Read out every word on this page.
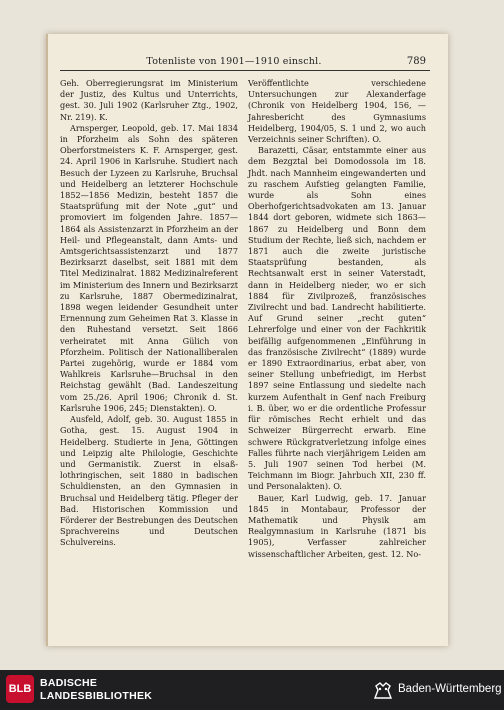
Totenliste von 1901—1910 einschl.	789

Geh. Oberregierungsrat im Ministerium der Justiz, des Kultus und Unterrichts, gest. 30. Juli 1902 (Karlsruher Ztg., 1902, Nr. 219). K.

Arnsperger, Leopold, geb. 17. Mai 1834 in Pforzheim als Sohn des späteren Oberforstmeisters K. F. Arnsperger, gest. 24. April 1906 in Karlsruhe. Studiert nach Besuch der Lyzeen zu Karlsruhe, Bruchsal und Heidelberg an letzterer Hochschule 1852—1856 Medizin, besteht 1857 die Staatsprüfung mit der Note „gut“ und promoviert im folgenden Jahre. 1857—1864 als Assistenzarzt in Pforzheim an der Heil- und Pflegeanstalt, dann Amts- und Amtsgerichtsassistenzarzt und 1877 Bezirksarzt daselbst, seit 1881 mit dem Titel Medizinalrat. 1882 Medizinalreferent im Ministerium des Innern und Bezirksarzt zu Karlsruhe, 1887 Obermedizinalrat, 1898 wegen leidender Gesundheit unter Ernennung zum Geheimen Rat 3. Klasse in den Ruhestand versetzt. Seit 1866 verheiratet mit Anna Gülich von Pforzheim. Politisch der Nationalliberalen Partei zugehörig, wurde er 1884 vom Wahlkreis Karlsruhe—Bruchsal in den Reichstag gewählt (Bad. Landeszeitung vom 25./26. April 1906; Chronik d. St. Karlsruhe 1906, 245; Dienstakten). O.

Ausfeld, Adolf, geb. 30. August 1855 in Gotha, gest. 15. August 1904 in Heidelberg. Studierte in Jena, Göttingen und Leipzig alte Philologie, Geschichte und Germanistik. Zuerst in elsaß-lothringischen, seit 1880 in badischen Schuldiensten, an den Gymnasien in Bruchsal und Heidelberg tätig. Pfleger der Bad. Historischen Kommission und Förderer der Bestrebungen des Deutschen Sprachvereins und Deutschen Schulvereins.

Veröffentlichte verschiedene Untersuchungen zur Alexanderfage (Chronik von Heidelberg 1904, 156, — Jahresbericht des Gymnasiums Heidelberg, 1904/05, S. 1 und 2, wo auch Verzeichnis seiner Schriften). O.

Barazetti, Cäsar, entstammte einer aus dem Bezgztal bei Domodossola im 18. Jhdt. nach Mannheim eingewanderten und zu raschem Aufstieg gelangten Familie, wurde als Sohn eines Oberhofgerichtsadvokaten am 13. Januar 1844 dort geboren, widmete sich 1863—1867 zu Heidelberg und Bonn dem Studium der Rechte, ließ sich, nachdem er 1871 auch die zweite juristische Staatsprüfung bestanden, als Rechtsanwalt erst in seiner Vaterstadt, dann in Heidelberg nieder, wo er sich 1884 für Zivilprozeß, französisches Zivilrecht und bad. Landrecht habilitierte. Auf Grund seiner „recht guten“ Lehrerfolge und einer von der Fachkritik beifällig aufgenommenen „Einführung in das französische Zivilrecht“ (1889) wurde er 1890 Extraordinarius, erbat aber, von seiner Stellung unbefriedigt, im Herbst 1897 seine Entlassung und siedelte nach kurzem Aufenthalt in Genf nach Freiburg i. B. über, wo er die ordentliche Professur für römisches Recht erhielt und das Schweizer Bürgerrecht erwarb. Eine schwere Rückgratverletzung infolge eines Falles führte nach vierjährigem Leiden am 5. Juli 1907 seinen Tod herbei (M. Teichmann im Biogr. Jahrbuch XII, 230 ff. und Personalakten). O.

Bauer, Karl Ludwig, geb. 17. Januar 1845 in Montabaur, Professor der Mathematik und Physik am Realgymnasium in Karlsruhe (1871 bis 1905), Verfasser zahlreicher wissenschaftlicher Arbeiten, gest. 12. No-

BLB BADISCHE
LANDESBIBLIOTHEK
Baden-Württemberg
